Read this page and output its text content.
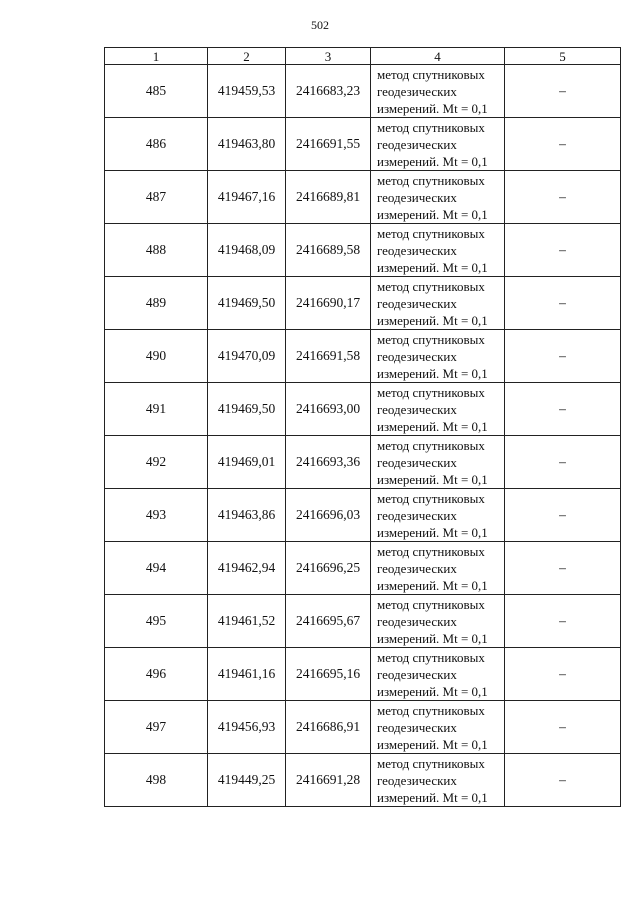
502
1	2	3	4	5
485	419459,53	2416683,23	метод спутниковых
геодезических
измерений. Mt = 0,1	–
486	419463,80	2416691,55	метод спутниковых
геодезических
измерений. Mt = 0,1	–
487	419467,16	2416689,81	метод спутниковых
геодезических
измерений. Mt = 0,1	–
488	419468,09	2416689,58	метод спутниковых
геодезических
измерений. Mt = 0,1	–
489	419469,50	2416690,17	метод спутниковых
геодезических
измерений. Mt = 0,1	–
490	419470,09	2416691,58	метод спутниковых
геодезических
измерений. Mt = 0,1	–
491	419469,50	2416693,00	метод спутниковых
геодезических
измерений. Mt = 0,1	–
492	419469,01	2416693,36	метод спутниковых
геодезических
измерений. Mt = 0,1	–
493	419463,86	2416696,03	метод спутниковых
геодезических
измерений. Mt = 0,1	–
494	419462,94	2416696,25	метод спутниковых
геодезических
измерений. Mt = 0,1	–
495	419461,52	2416695,67	метод спутниковых
геодезических
измерений. Mt = 0,1	–
496	419461,16	2416695,16	метод спутниковых
геодезических
измерений. Mt = 0,1	–
497	419456,93	2416686,91	метод спутниковых
геодезических
измерений. Mt = 0,1	–
498	419449,25	2416691,28	метод спутниковых
геодезических
измерений. Mt = 0,1	–
